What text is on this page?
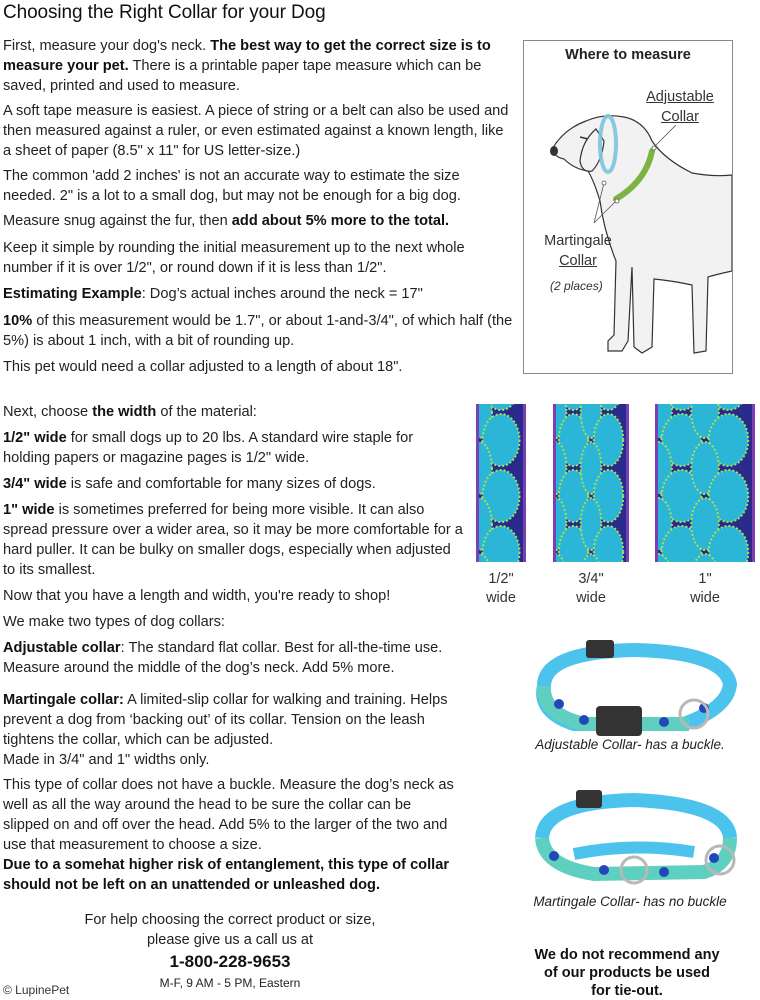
Choosing the Right Collar for your Dog

First, measure your dog's neck. The best way to get the correct size is to measure your pet. There is a printable paper tape measure which can be saved, printed and used to measure.

A soft tape measure is easiest. A piece of string or a belt can also be used and then measured against a ruler, or even estimated against a known length, like a sheet of paper (8.5" x 11" for US letter-size.)

The common 'add 2 inches' is not an accurate way to estimate the size needed. 2" is a lot to a small dog, but may not be enough for a big dog.

Measure snug against the fur, then add about 5% more to the total.

Keep it simple by rounding the initial measurement up to the next whole number if it is over 1/2", or round down if it is less than 1/2".

Estimating Example: Dog’s actual inches around the neck = 17"

10% of this measurement would be 1.7", or about 1-and-3/4", of which half (the 5%) is about 1 inch, with a bit of rounding up.

This pet would need a collar adjusted to a length of about 18".

Where to measure
Adjustable
Collar
Martingale
Collar
(2 places)

Next, choose the width of the material:

1/2" wide for small dogs up to 20 lbs. A standard wire staple for holding papers or magazine pages is 1/2" wide.

3/4" wide is safe and comfortable for many sizes of dogs.

1" wide is sometimes preferred for being more visible. It can also spread pressure over a wider area, so it may be more comfortable for a hard puller. It can be bulky on smaller dogs, especially when adjusted to its smallest.

Now that you have a length and width, you're ready to shop!

1/2"
wide
3/4"
wide
1"
wide

We make two types of dog collars:

Adjustable collar: The standard flat collar. Best for all-the-time use. Measure around the middle of the dog’s neck. Add 5% more.

Martingale collar: A limited-slip collar for walking and training. Helps prevent a dog from ‘backing out’ of its collar. Tension on the leash tightens the collar, which can be adjusted.
Made in 3/4" and 1" widths only.

This type of collar does not have a buckle. Measure the dog’s neck as well as all the way around the head to be sure the collar can be slipped on and off over the head. Add 5% to the larger of the two and use that measurement to choose a size.

Due to a somehat higher risk of entanglement, this type of collar should not be left on an unattended or unleashed dog.

Adjustable Collar- has a buckle.
Martingale Collar- has no buckle
For help choosing the correct product or size,
please give us a call us at
1-800-228-9653
M-F, 9 AM - 5 PM, Eastern
We do not recommend any
of our products be used
for tie-out.
© LupinePet
